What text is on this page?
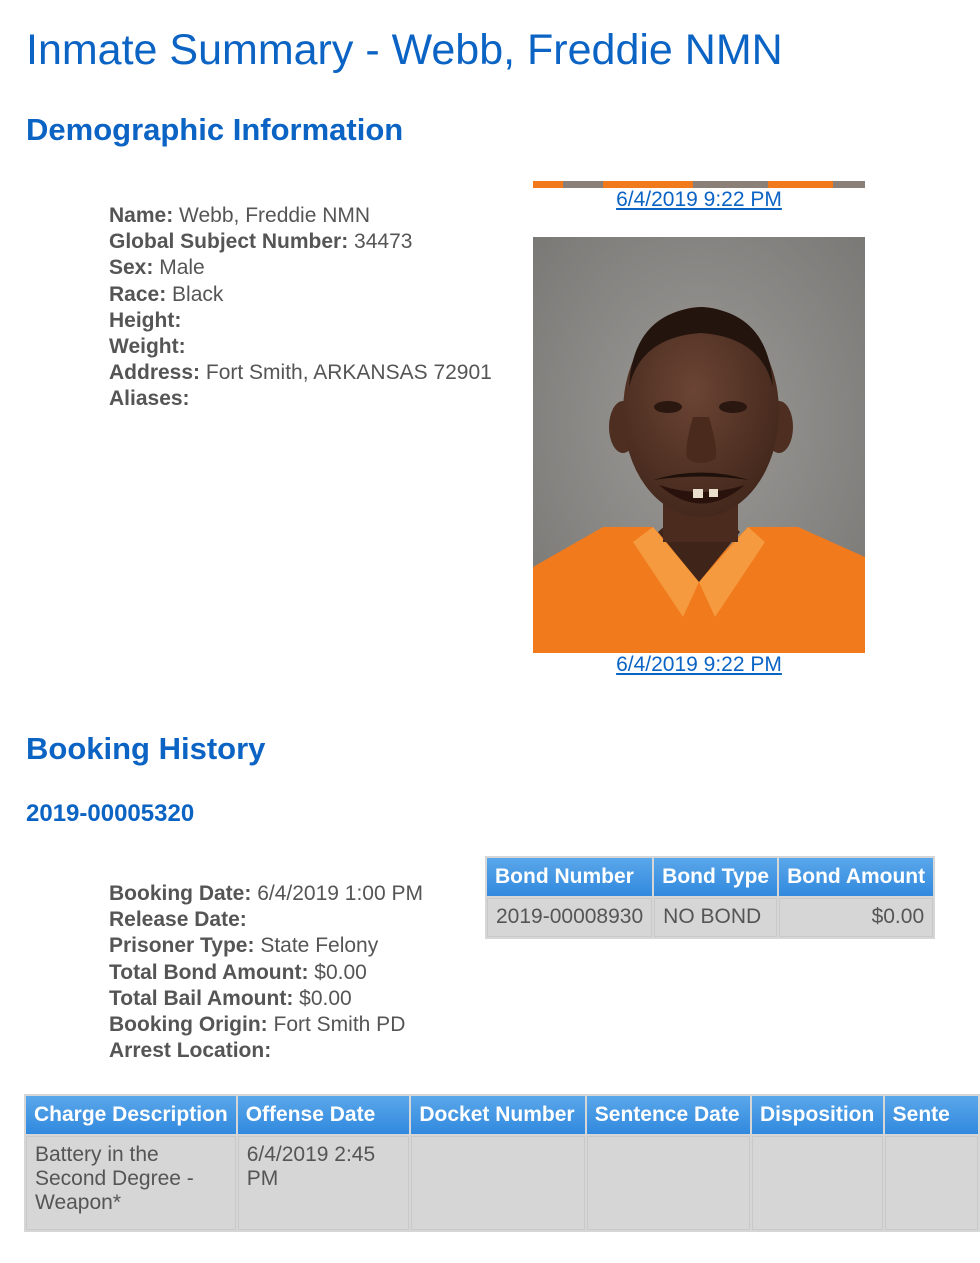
Inmate Summary - Webb, Freddie NMN
Demographic Information
Name: Webb, Freddie NMN
Global Subject Number: 34473
Sex: Male
Race: Black
Height:
Weight:
Address: Fort Smith, ARKANSAS 72901
Aliases:
6/4/2019 9:22 PM
6/4/2019 9:22 PM
Booking History
2019-00005320
Booking Date: 6/4/2019 1:00 PM
Release Date:
Prisoner Type: State Felony
Total Bond Amount: $0.00
Total Bail Amount: $0.00
Booking Origin: Fort Smith PD
Arrest Location:
Bond Number	Bond Type	Bond Amount
2019-00008930	NO BOND	$0.00
Charge Description	Offense Date	Docket Number	Sentence Date	Disposition	Sente
Battery in the Second Degree - Weapon*	6/4/2019 2:45 PM				
